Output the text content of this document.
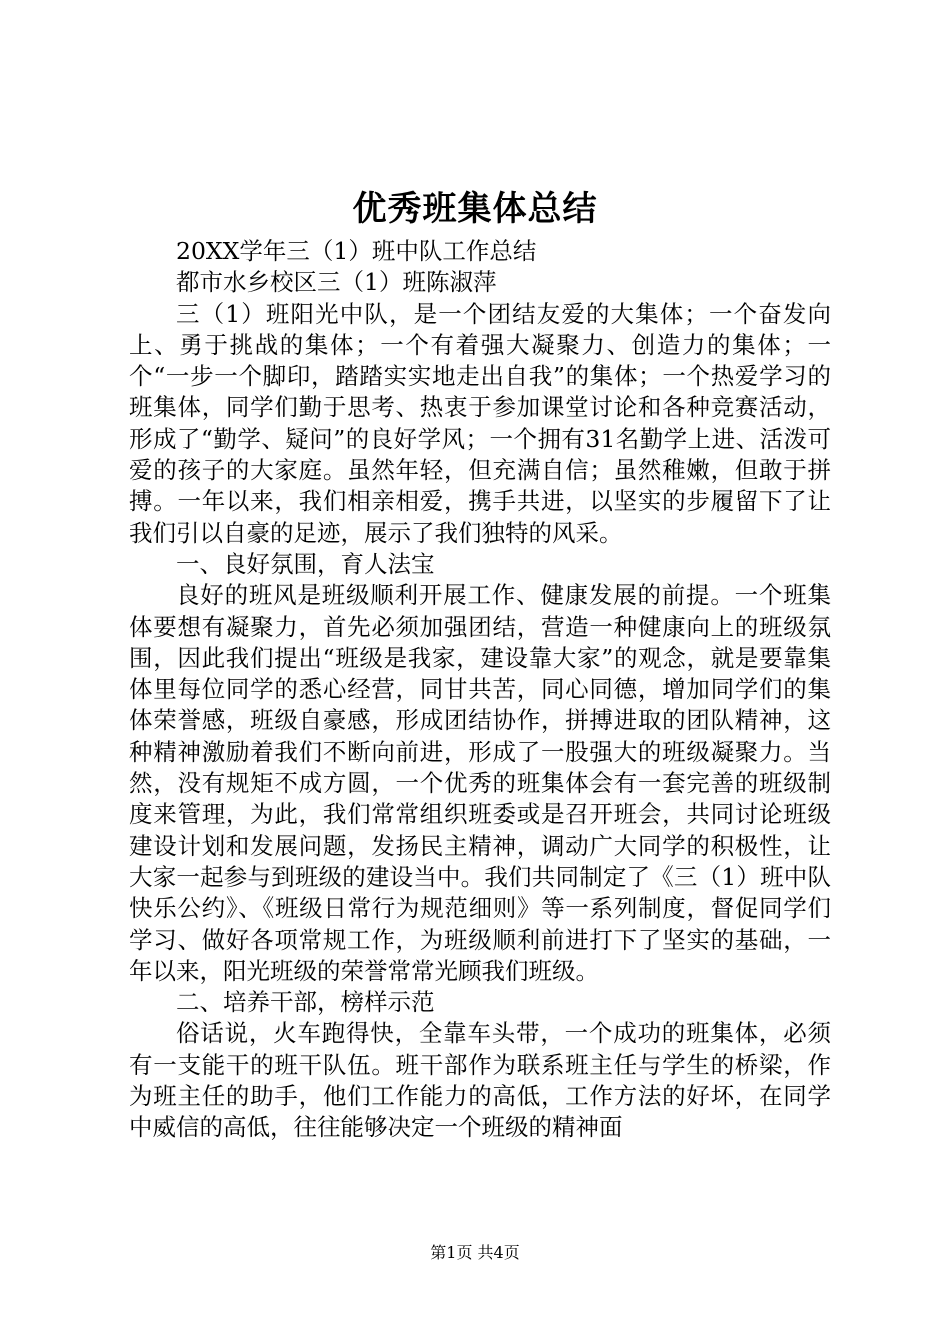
优秀班集体总结

20XX学年三（1）班中队工作总结

都市水乡校区三（1）班陈淑萍

三（1）班阳光中队，是一个团结友爱的大集体；一个奋发向上、勇于挑战的集体；一个有着强大凝聚力、创造力的集体；一个“一步一个脚印，踏踏实实地走出自我”的集体；一个热爱学习的班集体，同学们勤于思考、热衷于参加课堂讨论和各种竞赛活动，形成了“勤学、疑问”的良好学风；一个拥有31名勤学上进、活泼可爱的孩子的大家庭。虽然年轻，但充满自信；虽然稚嫩，但敢于拼搏。一年以来，我们相亲相爱，携手共进，以坚实的步履留下了让我们引以自豪的足迹，展示了我们独特的风采。

一、良好氛围，育人法宝

良好的班风是班级顺利开展工作、健康发展的前提。一个班集体要想有凝聚力，首先必须加强团结，营造一种健康向上的班级氛围，因此我们提出“班级是我家，建设靠大家”的观念，就是要靠集体里每位同学的悉心经营，同甘共苦，同心同德，增加同学们的集体荣誉感，班级自豪感，形成团结协作，拼搏进取的团队精神，这种精神激励着我们不断向前进，形成了一股强大的班级凝聚力。当然，没有规矩不成方圆，一个优秀的班集体会有一套完善的班级制度来管理，为此，我们常常组织班委或是召开班会，共同讨论班级建设计划和发展问题，发扬民主精神，调动广大同学的积极性，让大家一起参与到班级的建设当中。我们共同制定了《三（1）班中队快乐公约》、《班级日常行为规范细则》等一系列制度，督促同学们学习、做好各项常规工作，为班级顺利前进打下了坚实的基础，一年以来，阳光班级的荣誉常常光顾我们班级。

二、培养干部，榜样示范

俗话说，火车跑得快，全靠车头带，一个成功的班集体，必须有一支能干的班干队伍。班干部作为联系班主任与学生的桥梁，作为班主任的助手，他们工作能力的高低，工作方法的好坏，在同学中威信的高低，往往能够决定一个班级的精神面

第1页 共4页
